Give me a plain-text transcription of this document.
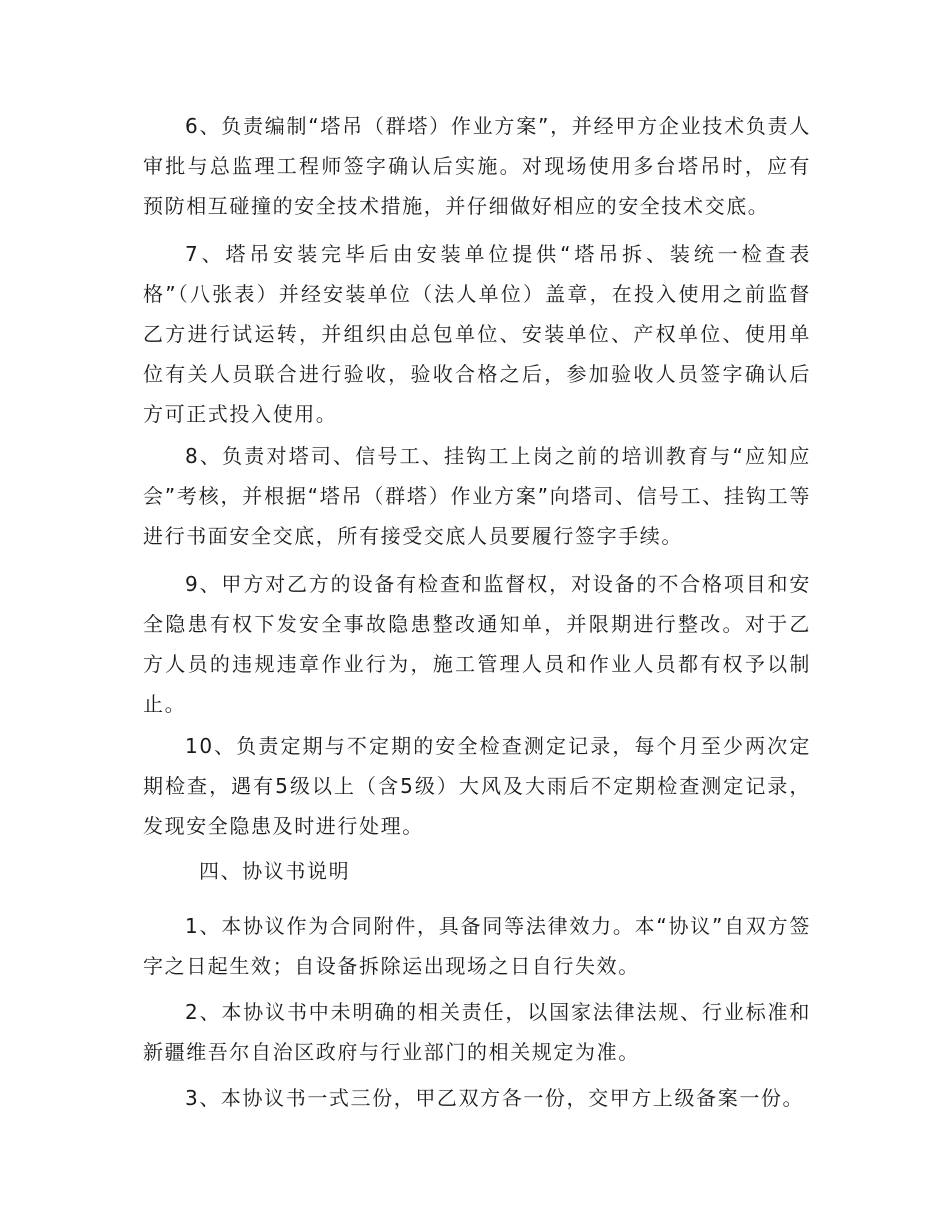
6、负责编制“塔吊（群塔）作业方案”，并经甲方企业技术负责人审批与总监理工程师签字确认后实施。对现场使用多台塔吊时，应有预防相互碰撞的安全技术措施，并仔细做好相应的安全技术交底。

7、塔吊安装完毕后由安装单位提供“塔吊拆、装统一检查表格”（八张表）并经安装单位（法人单位）盖章，在投入使用之前监督乙方进行试运转，并组织由总包单位、安装单位、产权单位、使用单位有关人员联合进行验收，验收合格之后，参加验收人员签字确认后方可正式投入使用。

8、负责对塔司、信号工、挂钩工上岗之前的培训教育与“应知应会”考核，并根据“塔吊（群塔）作业方案”向塔司、信号工、挂钩工等进行书面安全交底，所有接受交底人员要履行签字手续。

9、甲方对乙方的设备有检查和监督权，对设备的不合格项目和安全隐患有权下发安全事故隐患整改通知单，并限期进行整改。对于乙方人员的违规违章作业行为，施工管理人员和作业人员都有权予以制止。

10、负责定期与不定期的安全检查测定记录，每个月至少两次定期检查，遇有5级以上（含5级）大风及大雨后不定期检查测定记录，发现安全隐患及时进行处理。

四、协议书说明

1、本协议作为合同附件，具备同等法律效力。本“协议”自双方签字之日起生效；自设备拆除运出现场之日自行失效。

2、本协议书中未明确的相关责任，以国家法律法规、行业标准和新疆维吾尔自治区政府与行业部门的相关规定为准。

3、本协议书一式三份，甲乙双方各一份，交甲方上级备案一份。
